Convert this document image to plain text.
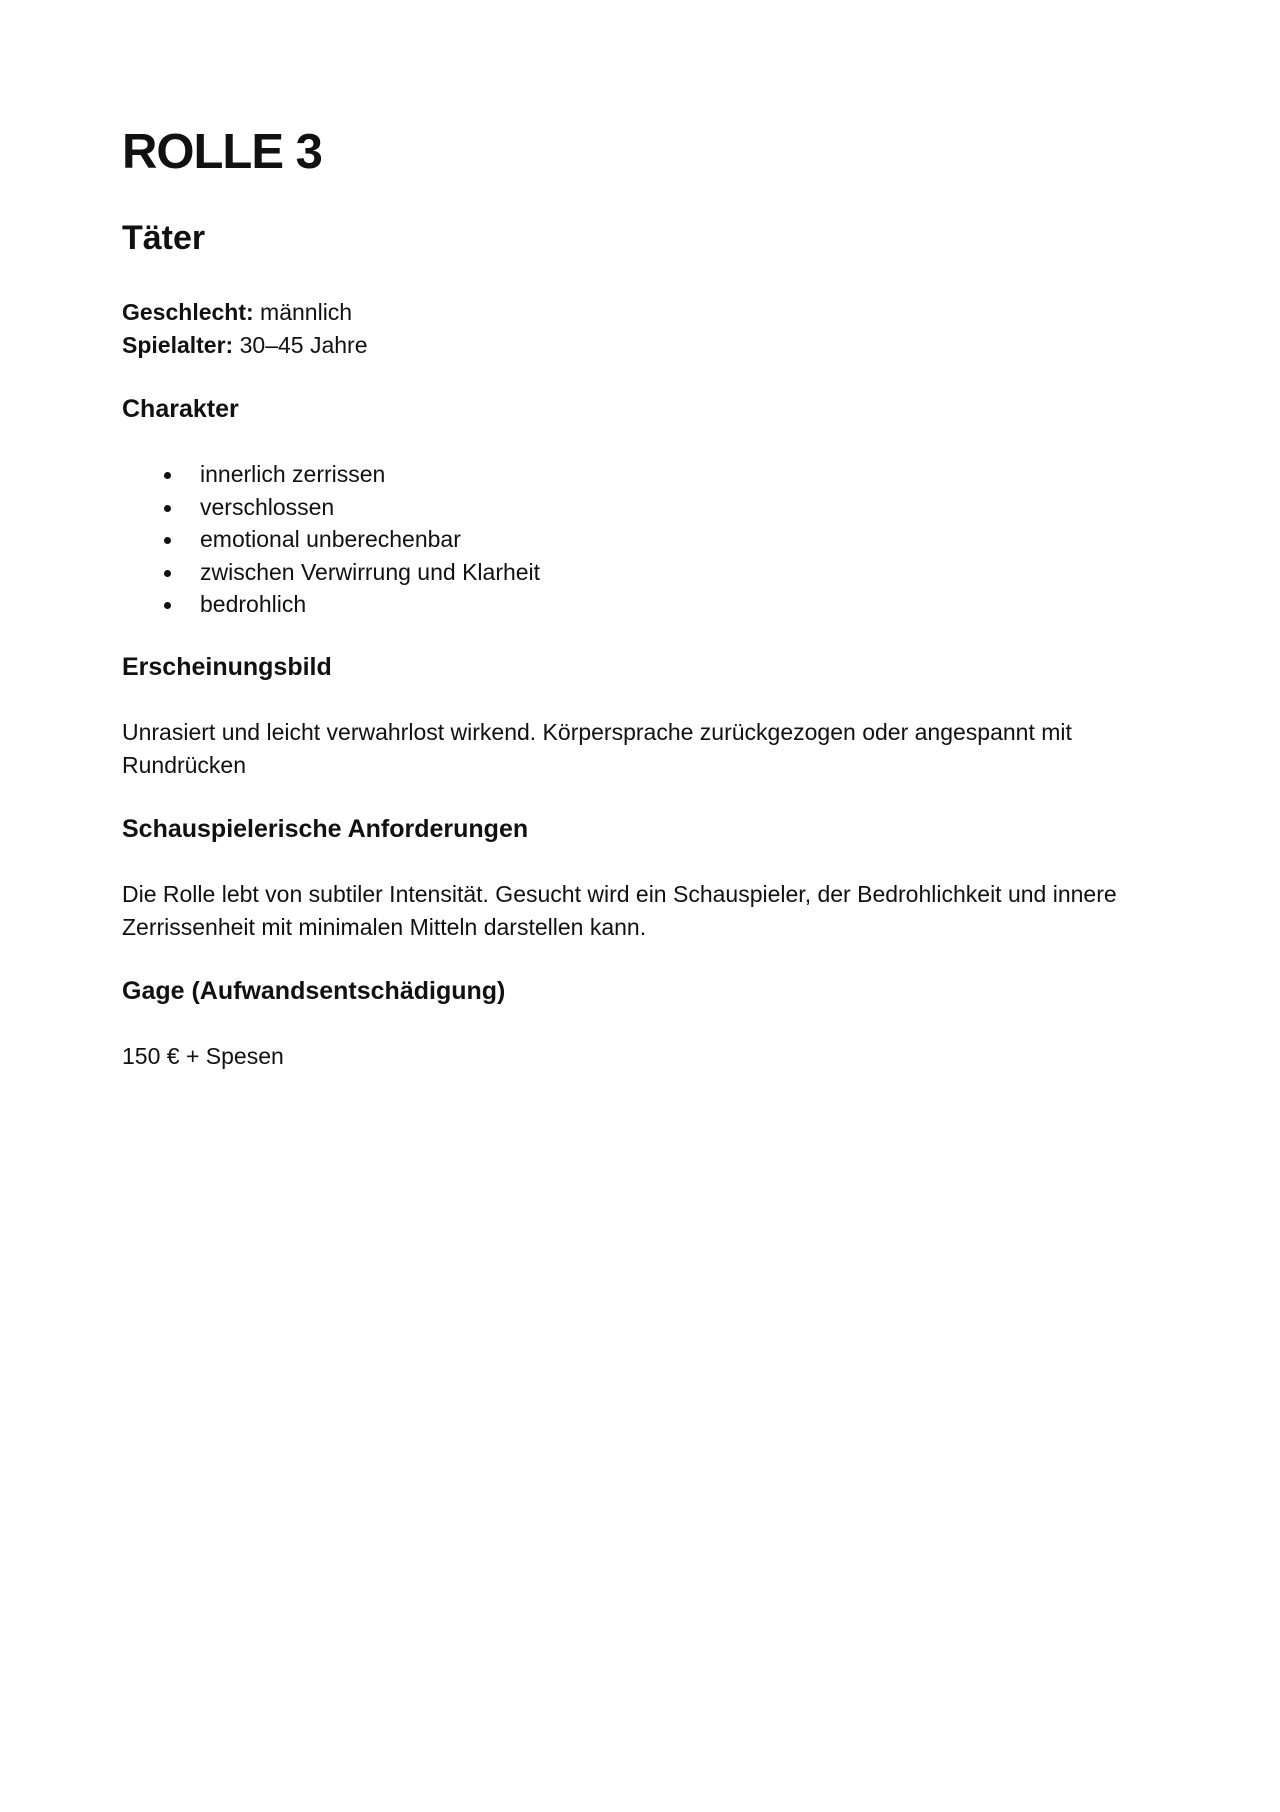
ROLLE 3
Täter
Geschlecht: männlich
Spielalter: 30–45 Jahre
Charakter
innerlich zerrissen
verschlossen
emotional unberechenbar
zwischen Verwirrung und Klarheit
bedrohlich
Erscheinungsbild

Unrasiert und leicht verwahrlost wirkend. Körpersprache zurückgezogen oder angespannt mit Rundrücken

Schauspielerische Anforderungen

Die Rolle lebt von subtiler Intensität. Gesucht wird ein Schauspieler, der Bedrohlichkeit und innere Zerrissenheit mit minimalen Mitteln darstellen kann.

Gage (Aufwandsentschädigung)

150 € + Spesen
